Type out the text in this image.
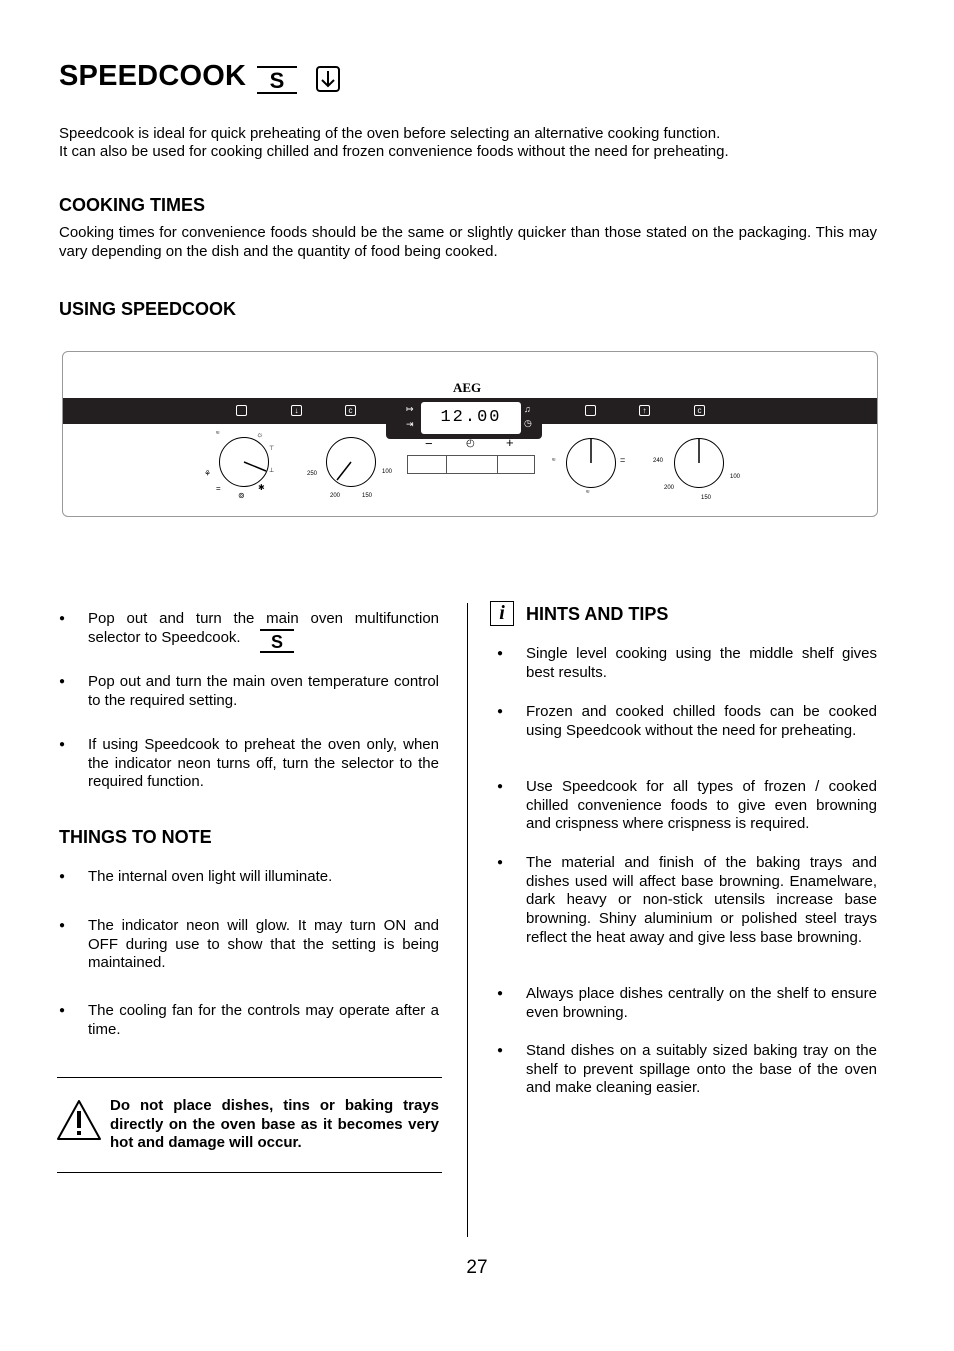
SPEEDCOOK	S

Speedcook is ideal for quick preheating of the oven before selecting an alternative cooking function.

It can also be used for cooking chilled and frozen convenience foods without the need for preheating.

COOKING TIMES

Cooking times for convenience foods should be the same or slightly quicker than those stated on the packaging. This may vary depending on the dish and the quantity of food being cooked.

USING SPEEDCOOK
AEG
↓	c	↦
⇥
♫
◷
12.00
−	◴ +
↑	c
ᵚ	☼
⊤
⊥
⚘
=
⊚
✱
250
200	150
100
ᵚ	=
ᵚ
240
200
150
100
● Pop out and turn the main oven multifunction selector to Speedcook.
● Pop out and turn the main oven temperature control to the required setting.
● If using Speedcook to preheat the oven only, when the indicator neon turns off, turn the selector to the required function.
S
THINGS TO NOTE
● The internal oven light will illuminate.
● The indicator neon will glow. It may turn ON and OFF during use to show that the setting is being maintained.
● The cooling fan for the controls may operate after a time.

Do not place dishes, tins or baking trays directly on the oven base as it becomes very hot and damage will occur.

i	HINTS AND TIPS
● Single level cooking using the middle shelf gives best results.
● Frozen and cooked chilled foods can be cooked using Speedcook without the need for preheating.
● Use Speedcook for all types of frozen / cooked chilled convenience foods to give even browning and crispness where crispness is required.
● The material and finish of the baking trays and dishes used will affect base browning. Enamelware, dark heavy or non-stick utensils increase base browning. Shiny aluminium or polished steel trays reflect the heat away and give less base browning.
● Always place dishes centrally on the shelf to ensure even browning.
● Stand dishes on a suitably sized baking tray on the shelf to prevent spillage onto the base of the oven and make cleaning easier.
27
